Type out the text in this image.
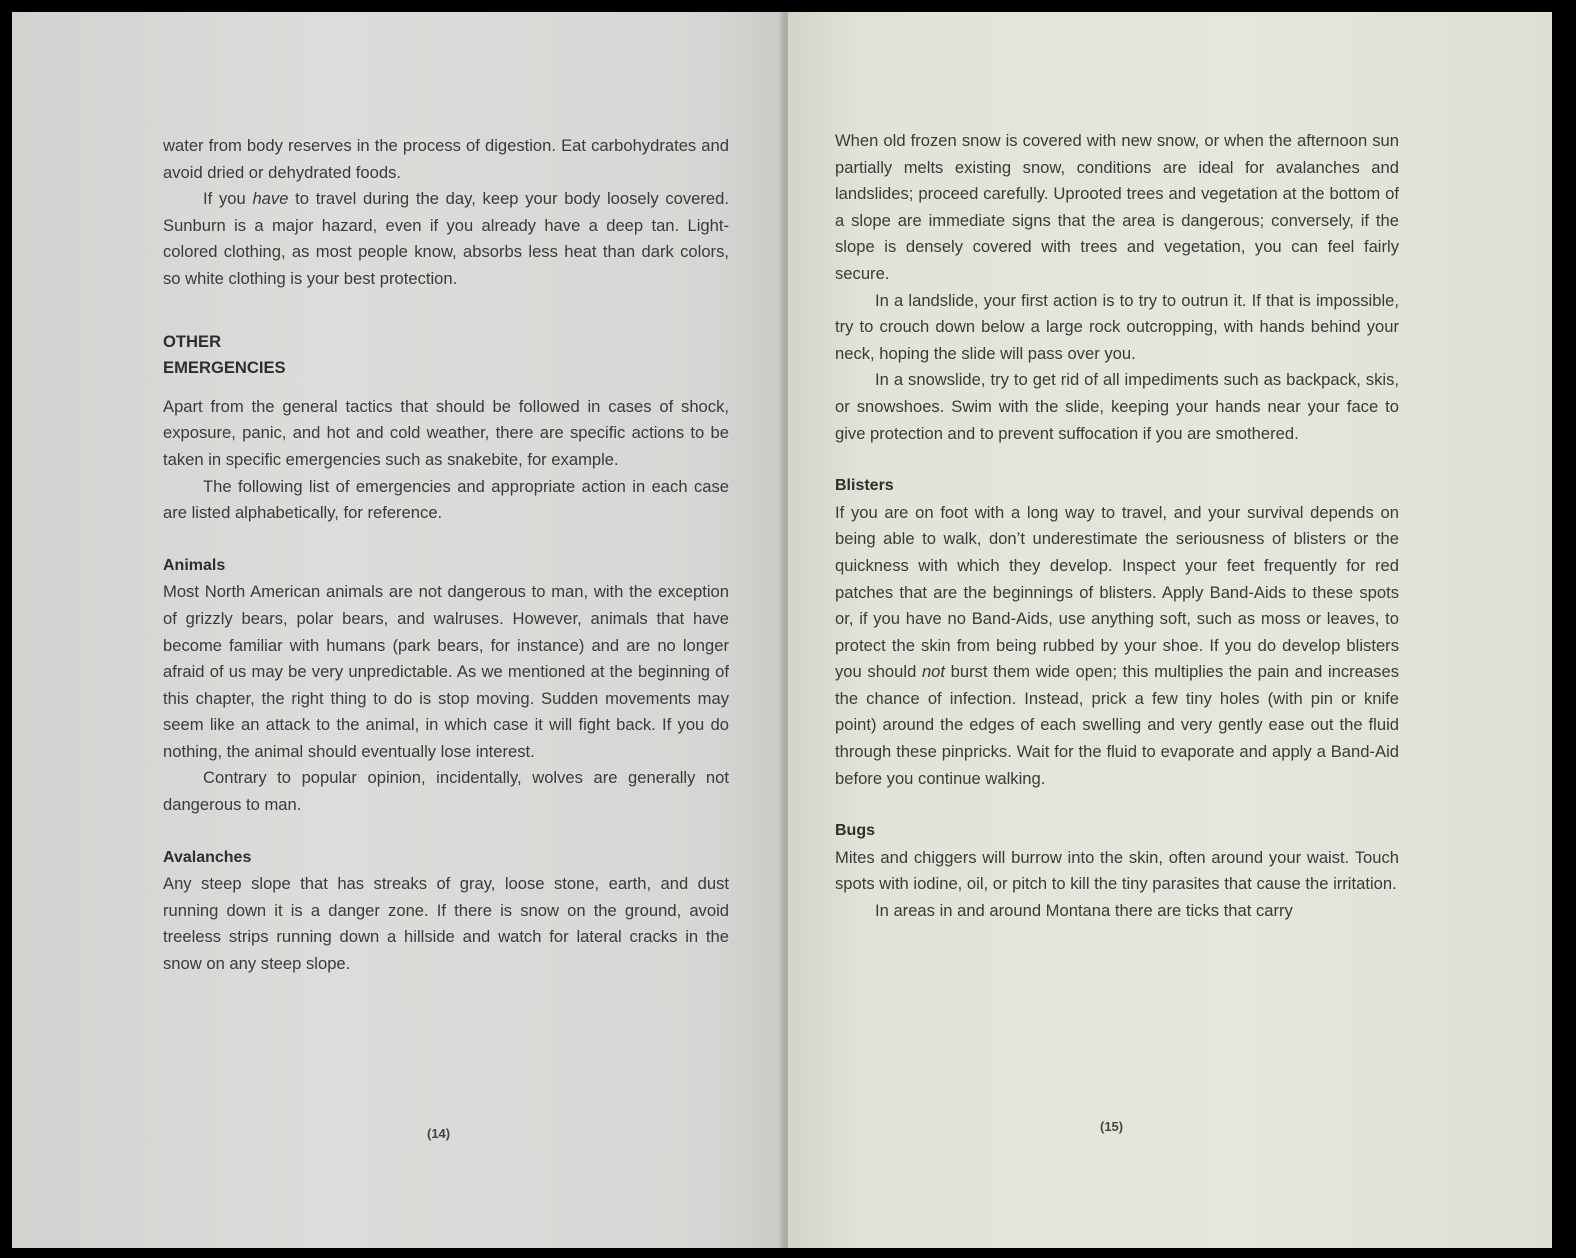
water from body reserves in the process of digestion. Eat carbohydrates and avoid dried or dehydrated foods.

If you have to travel during the day, keep your body loosely covered. Sunburn is a major hazard, even if you already have a deep tan. Light-colored clothing, as most people know, absorbs less heat than dark colors, so white clothing is your best protection.

OTHER
EMERGENCIES

Apart from the general tactics that should be followed in cases of shock, exposure, panic, and hot and cold weather, there are specific actions to be taken in specific emergencies such as snakebite, for example.

The following list of emergencies and appropriate action in each case are listed alphabetically, for reference.

Animals

Most North American animals are not dangerous to man, with the exception of grizzly bears, polar bears, and walruses. However, animals that have become familiar with humans (park bears, for instance) and are no longer afraid of us may be very unpredictable. As we mentioned at the beginning of this chapter, the right thing to do is stop moving. Sudden movements may seem like an attack to the animal, in which case it will fight back. If you do nothing, the animal should eventually lose interest.

Contrary to popular opinion, incidentally, wolves are generally not dangerous to man.

Avalanches

Any steep slope that has streaks of gray, loose stone, earth, and dust running down it is a danger zone. If there is snow on the ground, avoid treeless strips running down a hillside and watch for lateral cracks in the snow on any steep slope.

(14)

When old frozen snow is covered with new snow, or when the afternoon sun partially melts existing snow, conditions are ideal for avalanches and landslides; proceed carefully. Uprooted trees and vegetation at the bottom of a slope are immediate signs that the area is dangerous; conversely, if the slope is densely covered with trees and vegetation, you can feel fairly secure.

In a landslide, your first action is to try to outrun it. If that is impossible, try to crouch down below a large rock outcropping, with hands behind your neck, hoping the slide will pass over you.

In a snowslide, try to get rid of all impediments such as backpack, skis, or snowshoes. Swim with the slide, keeping your hands near your face to give protection and to prevent suffocation if you are smothered.

Blisters

If you are on foot with a long way to travel, and your survival depends on being able to walk, don’t underestimate the seriousness of blisters or the quickness with which they develop. Inspect your feet frequently for red patches that are the beginnings of blisters. Apply Band-Aids to these spots or, if you have no Band-Aids, use anything soft, such as moss or leaves, to protect the skin from being rubbed by your shoe. If you do develop blisters you should not burst them wide open; this multiplies the pain and increases the chance of infection. Instead, prick a few tiny holes (with pin or knife point) around the edges of each swelling and very gently ease out the fluid through these pinpricks. Wait for the fluid to evaporate and apply a Band-Aid before you continue walking.

Bugs

Mites and chiggers will burrow into the skin, often around your waist. Touch spots with iodine, oil, or pitch to kill the tiny parasites that cause the irritation.

In areas in and around Montana there are ticks that carry

(15)
